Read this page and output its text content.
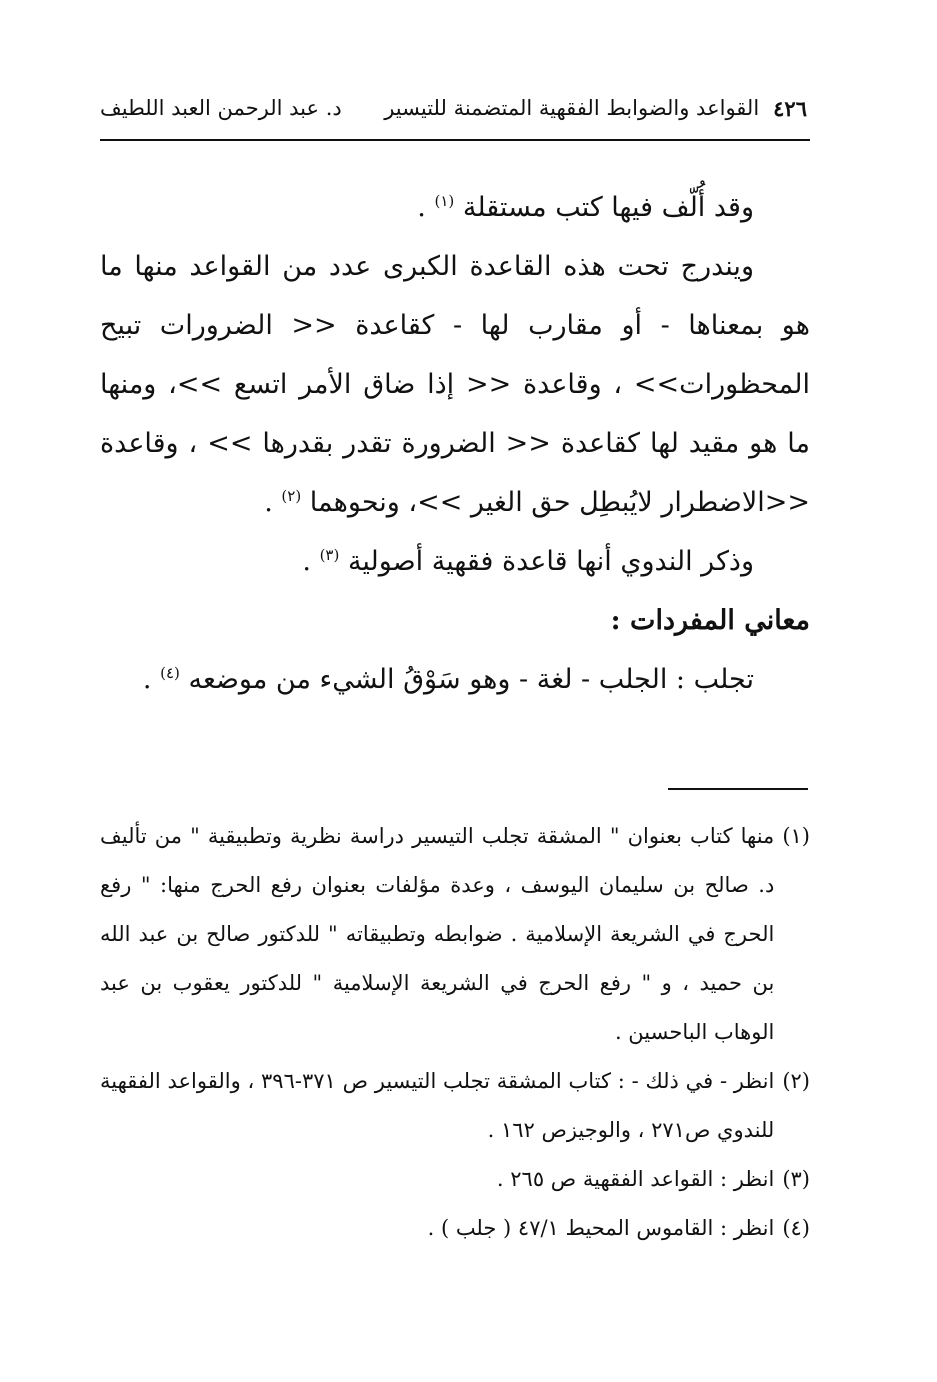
٤٢٦
القواعد والضوابط الفقهية المتضمنة للتيسير
د. عبد الرحمن العبد اللطيف

وقد أُلّف فيها كتب مستقلة $^{(١)}$ .

ويندرج تحت هذه القاعدة الكبرى عدد من القواعد منها ما هو بمعناها - أو مقارب لها - كقاعدة << الضرورات تبيح المحظورات>> ، وقاعدة << إذا ضاق الأمر اتسع >>، ومنها ما هو مقيد لها كقاعدة << الضرورة تقدر بقدرها >> ، وقاعدة <<الاضطرار لايُبطِل حق الغير >>، ونحوهما $^{(٢)}$ .

وذكر الندوي أنها قاعدة فقهية أصولية $^{(٣)}$ .

معاني المفردات :

تجلب : الجلب - لغة - وهو سَوْقُ الشيء من موضعه $^{(٤)}$ .

(١)
منها كتاب بعنوان " المشقة تجلب التيسير دراسة نظرية وتطبيقية " من تأليف د. صالح بن سليمان اليوسف ، وعدة مؤلفات بعنوان رفع الحرج منها: " رفع الحرج في الشريعة الإسلامية . ضوابطه وتطبيقاته " للدكتور صالح بن عبد الله بن حميد ، و " رفع الحرج في الشريعة الإسلامية " للدكتور يعقوب بن عبد الوهاب الباحسين .
(٢)
انظر - في ذلك - : كتاب المشقة تجلب التيسير ص ٣٧١-٣٩٦ ، والقواعد الفقهية للندوي ص٢٧١ ، والوجيزص ١٦٢ .
(٣)
انظر : القواعد الفقهية ص ٢٦٥ .
(٤)
انظر : القاموس المحيط ٤٧/١ ( جلب ) .
